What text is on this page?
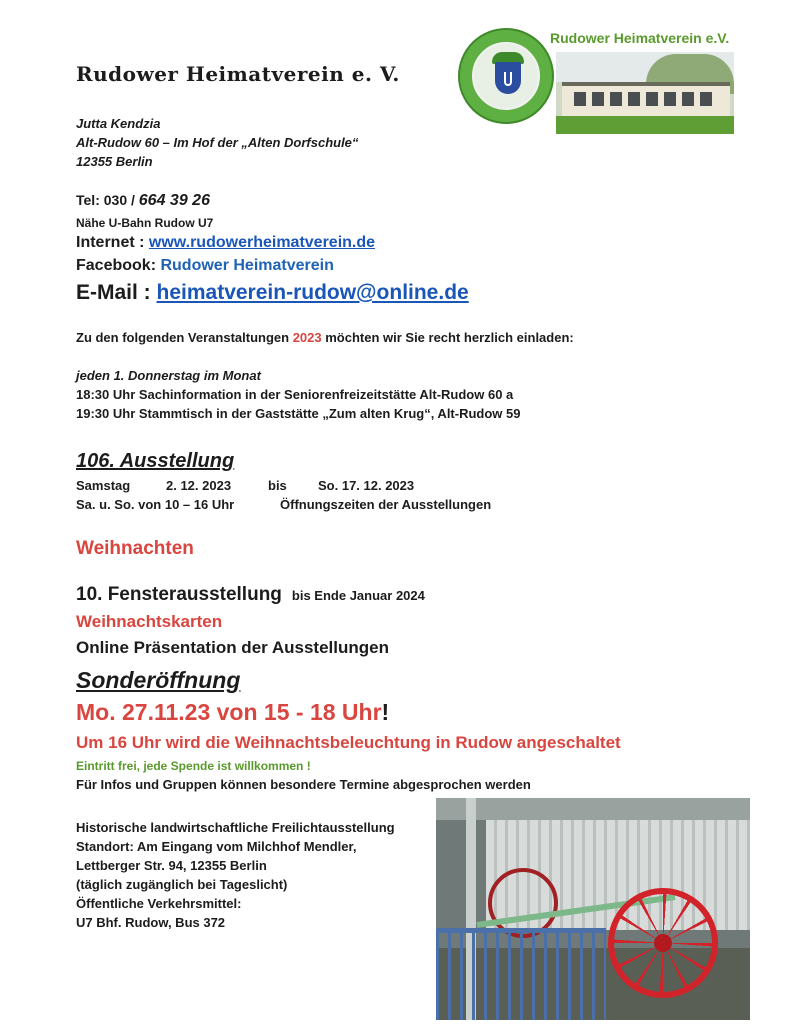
Rudower Heimatverein e. V.
Jutta Kendzia
Alt-Rudow 60 – Im Hof der „Alten Dorfschule“
12355 Berlin
Rudower Heimatverein e.V.
Tel: 030 / 664 39 26
Nähe U-Bahn Rudow U7
Internet : www.rudowerheimatverein.de
Facebook: Rudower Heimatverein
E-Mail : heimatverein-rudow@online.de
Zu den folgenden Veranstaltungen 2023 möchten wir Sie recht herzlich einladen:
jeden 1. Donnerstag im Monat
18:30 Uhr Sachinformation in der Seniorenfreizeitstätte Alt-Rudow 60 a
19:30 Uhr Stammtisch in der Gaststätte „Zum alten Krug“, Alt-Rudow 59
106. Ausstellung
Samstag	2. 12. 2023	bis So. 17. 12. 2023
Sa. u. So. von 10 – 16 Uhr	Öffnungszeiten der Ausstellungen
Weihnachten
10. Fensterausstellung bis Ende Januar 2024
Weihnachtskarten
Online Präsentation der Ausstellungen
Sonderöffnung
Mo. 27.11.23 von 15 - 18 Uhr!
Um 16 Uhr wird die Weihnachtsbeleuchtung in Rudow angeschaltet
Eintritt frei, jede Spende ist willkommen !
Für Infos und Gruppen können besondere Termine abgesprochen werden
Historische landwirtschaftliche Freilichtausstellung
Standort: Am Eingang vom Milchhof Mendler,
Lettberger Str. 94, 12355 Berlin
(täglich zugänglich bei Tageslicht)
Öffentliche Verkehrsmittel:
U7 Bhf. Rudow, Bus 372
